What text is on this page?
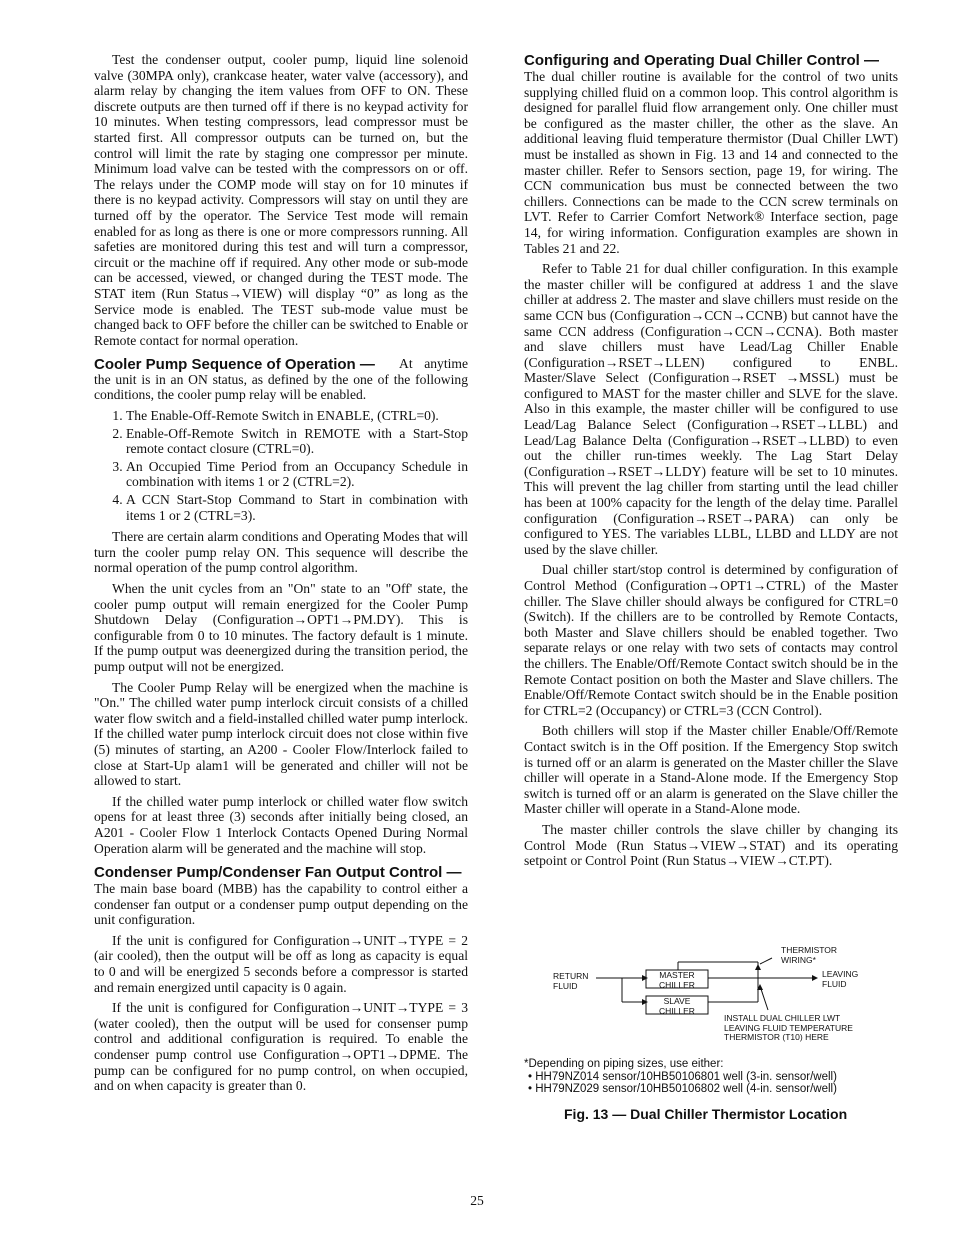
Test the condenser output, cooler pump, liquid line solenoid valve (30MPA only), crankcase heater, water valve (accessory), and alarm relay by changing the item values from OFF to ON. These discrete outputs are then turned off if there is no keypad activity for 10 minutes. When testing compressors, lead compressor must be started first. All compressor outputs can be turned on, but the control will limit the rate by staging one compressor per minute. Minimum load valve can be tested with the compressors on or off. The relays under the COMP mode will stay on for 10 minutes if there is no keypad activity. Compressors will stay on until they are turned off by the operator. The Service Test mode will remain enabled for as long as there is one or more compressors running. All safeties are monitored during this test and will turn a compressor, circuit or the machine off if required. Any other mode or sub-mode can be accessed, viewed, or changed during the TEST mode. The STAT item (Run Status→VIEW) will display “0” as long as the Service mode is enabled. The TEST sub-mode value must be changed back to OFF before the chiller can be switched to Enable or Remote contact for normal operation.

Cooler Pump Sequence of Operation —	At anytime the unit is in an ON status, as defined by the one of the following conditions, the cooler pump relay will be enabled.

1. The Enable-Off-Remote Switch in ENABLE, (CTRL=0).
2. Enable-Off-Remote Switch in REMOTE with a Start-Stop remote contact closure (CTRL=0).
3. An Occupied Time Period from an Occupancy Schedule in combination with items 1 or 2 (CTRL=2).
4. A CCN Start-Stop Command to Start in combination with items 1 or 2 (CTRL=3).

There are certain alarm conditions and Operating Modes that will turn the cooler pump relay ON. This sequence will describe the normal operation of the pump control algorithm.

When the unit cycles from an "On" state to an "Off' state, the cooler pump output will remain energized for the Cooler Pump Shutdown Delay (Configuration→OPT1→PM.DY). This is configurable from 0 to 10 minutes. The factory default is 1 minute. If the pump output was deenergized during the transition period, the pump output will not be energized.

The Cooler Pump Relay will be energized when the machine is "On." The chilled water pump interlock circuit consists of a chilled water flow switch and a field-installed chilled water pump interlock. If the chilled water pump interlock circuit does not close within five (5) minutes of starting, an A200 - Cooler Flow/Interlock failed to close at Start-Up alam1 will be generated and chiller will not be allowed to start.

If the chilled water pump interlock or chilled water flow switch opens for at least three (3) seconds after initially being closed, an A201 - Cooler Flow 1 Interlock Contacts Opened During Normal Operation alarm will be generated and the machine will stop.

Condenser Pump/Condenser Fan Output Control —

The main base board (MBB) has the capability to control either a condenser fan output or a condenser pump output depending on the unit configuration.

If the unit is configured for Configuration→UNIT→TYPE = 2 (air cooled), then the output will be off as long as capacity is equal to 0 and will be energized 5 seconds before a compressor is started and remain energized until capacity is 0 again.

If the unit is configured for Configuration→UNIT→TYPE = 3 (water cooled), then the output will be used for consenser pump control and additional configuration is required. To enable the condenser pump control use Configuration→OPT1→DPME. The pump can be configured for no pump control, on when occupied, and on when capacity is greater than 0.

Configuring and Operating Dual Chiller Control —

The dual chiller routine is available for the control of two units supplying chilled fluid on a common loop. This control algorithm is designed for parallel fluid flow arrangement only. One chiller must be configured as the master chiller, the other as the slave. An additional leaving fluid temperature thermistor (Dual Chiller LWT) must be installed as shown in Fig. 13 and 14 and connected to the master chiller. Refer to Sensors section, page 19, for wiring. The CCN communication bus must be connected between the two chillers. Connections can be made to the CCN screw terminals on LVT. Refer to Carrier Comfort Network® Interface section, page 14, for wiring information. Configuration examples are shown in Tables 21 and 22.

Refer to Table 21 for dual chiller configuration. In this example the master chiller will be configured at address 1 and the slave chiller at address 2. The master and slave chillers must reside on the same CCN bus (Configuration→CCN→CCNB) but cannot have the same CCN address (Configuration→CCN→CCNA). Both master and slave chillers must have Lead/Lag Chiller Enable (Configuration→RSET→LLEN) configured to ENBL. Master/Slave Select (Configuration→RSET →MSSL) must be configured to MAST for the master chiller and SLVE for the slave. Also in this example, the master chiller will be configured to use Lead/Lag Balance Select (Configuration→RSET→LLBL) and Lead/Lag Balance Delta (Configuration→RSET→LLBD) to even out the chiller run-times weekly. The Lag Start Delay (Configuration→RSET→LLDY) feature will be set to 10 minutes. This will prevent the lag chiller from starting until the lead chiller has been at 100% capacity for the length of the delay time. Parallel configuration (Configuration→RSET→PARA) can only be configured to YES. The variables LLBL, LLBD and LLDY are not used by the slave chiller.

Dual chiller start/stop control is determined by configuration of Control Method (Configuration→OPT1→CTRL) of the Master chiller. The Slave chiller should always be configured for CTRL=0 (Switch). If the chillers are to be controlled by Remote Contacts, both Master and Slave chillers should be enabled together. Two separate relays or one relay with two sets of contacts may control the chillers. The Enable/Off/Remote Contact switch should be in the Remote Contact position on both the Master and Slave chillers. The Enable/Off/Remote Contact switch should be in the Enable position for CTRL=2 (Occupancy) or CTRL=3 (CCN Control).

Both chillers will stop if the Master chiller Enable/Off/Remote Contact switch is in the Off position. If the Emergency Stop switch is turned off or an alarm is generated on the Master chiller the Slave chiller will operate in a Stand-Alone mode. If the Emergency Stop switch is turned off or an alarm is generated on the Slave chiller the Master chiller will operate in a Stand-Alone mode.

The master chiller controls the slave chiller by changing its Control Mode (Run Status→VIEW→STAT) and its operating setpoint or Control Point (Run Status→VIEW→CT.PT).

RETURN
FLUID
MASTER
CHILLER
SLAVE
CHILLER
LEAVING
FLUID
THERMISTOR
WIRING*
INSTALL DUAL CHILLER LWT
LEAVING FLUID TEMPERATURE
THERMISTOR (T10) HERE
*Depending on piping sizes, use either:
• HH79NZ014 sensor/10HB50106801 well (3-in. sensor/well)
• HH79NZ029 sensor/10HB50106802 well (4-in. sensor/well)
Fig. 13 — Dual Chiller Thermistor Location
25
